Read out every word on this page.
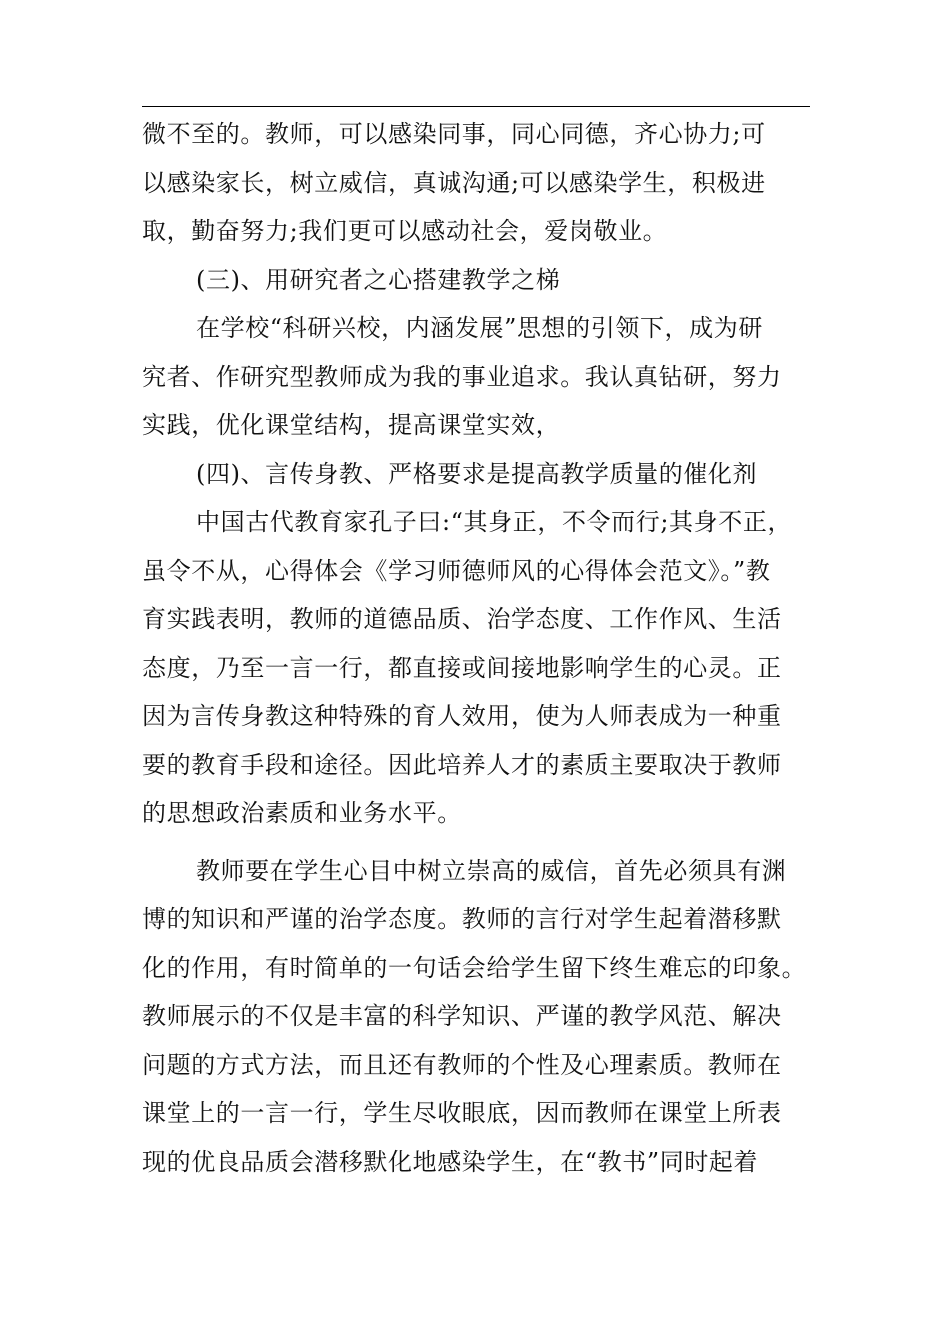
微不至的。教师，可以感染同事，同心同德，齐心协力;可
以感染家长，树立威信，真诚沟通;可以感染学生，积极进
取，勤奋努力;我们更可以感动社会，爱岗敬业。
(三)、用研究者之心搭建教学之梯
在学校“科研兴校，内涵发展”思想的引领下，成为研
究者、作研究型教师成为我的事业追求。我认真钻研，努力
实践，优化课堂结构，提高课堂实效，
(四)、言传身教、严格要求是提高教学质量的催化剂
中国古代教育家孔子曰:“其身正，不令而行;其身不正，
虽令不从，心得体会《学习师德师风的心得体会范文》。”教
育实践表明，教师的道德品质、治学态度、工作作风、生活
态度，乃至一言一行，都直接或间接地影响学生的心灵。正
因为言传身教这种特殊的育人效用，使为人师表成为一种重
要的教育手段和途径。因此培养人才的素质主要取决于教师
的思想政治素质和业务水平。
教师要在学生心目中树立崇高的威信，首先必须具有渊
博的知识和严谨的治学态度。教师的言行对学生起着潜移默
化的作用，有时简单的一句话会给学生留下终生难忘的印象。
教师展示的不仅是丰富的科学知识、严谨的教学风范、解决
问题的方式方法，而且还有教师的个性及心理素质。教师在
课堂上的一言一行，学生尽收眼底，因而教师在课堂上所表
现的优良品质会潜移默化地感染学生，在“教书”同时起着
